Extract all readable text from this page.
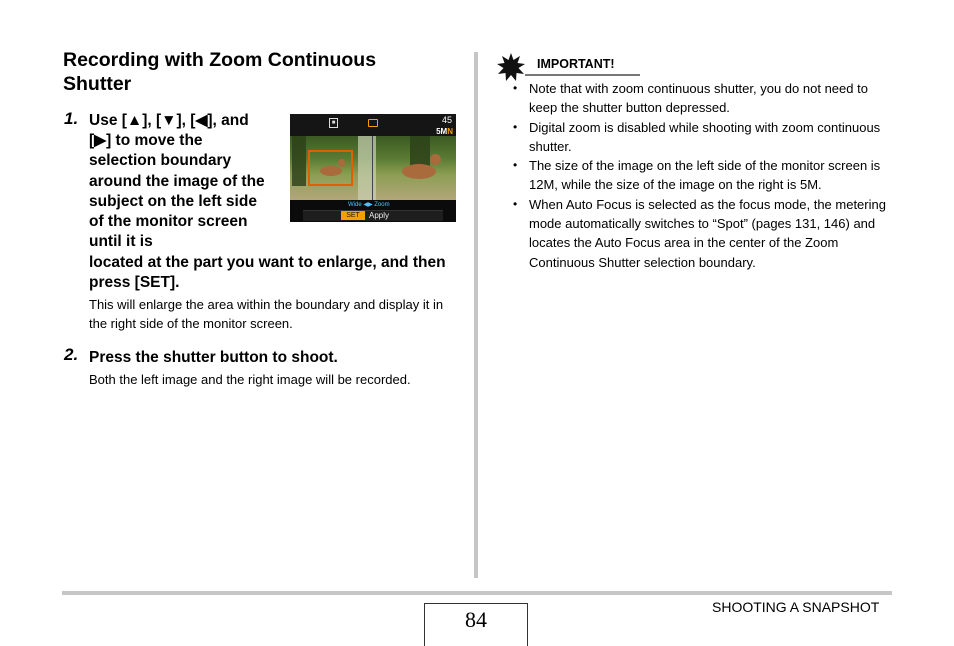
Recording with Zoom Continuous Shutter
1. Use [▲], [▼], [◀], and [▶] to move the selection boundary around the image of the subject on the left side of the monitor screen until it is
located at the part you want to enlarge, and then press [SET].
This will enlarge the area within the boundary and display it in the right side of the monitor screen.
2. Press the shutter button to shoot.
Both the left image and the right image will be recorded.
■	45
5MN
Wide ◀▶ Zoom
SET	Apply
IMPORTANT!
• Note that with zoom continuous shutter, you do not need to keep the shutter button depressed.
• Digital zoom is disabled while shooting with zoom continuous shutter.
• The size of the image on the left side of the monitor screen is 12M, while the size of the image on the right is 5M.
• When Auto Focus is selected as the focus mode, the metering mode automatically switches to “Spot” (pages 131, 146) and locates the Auto Focus area in the center of the Zoom Continuous Shutter selection boundary.
84	SHOOTING A SNAPSHOT
